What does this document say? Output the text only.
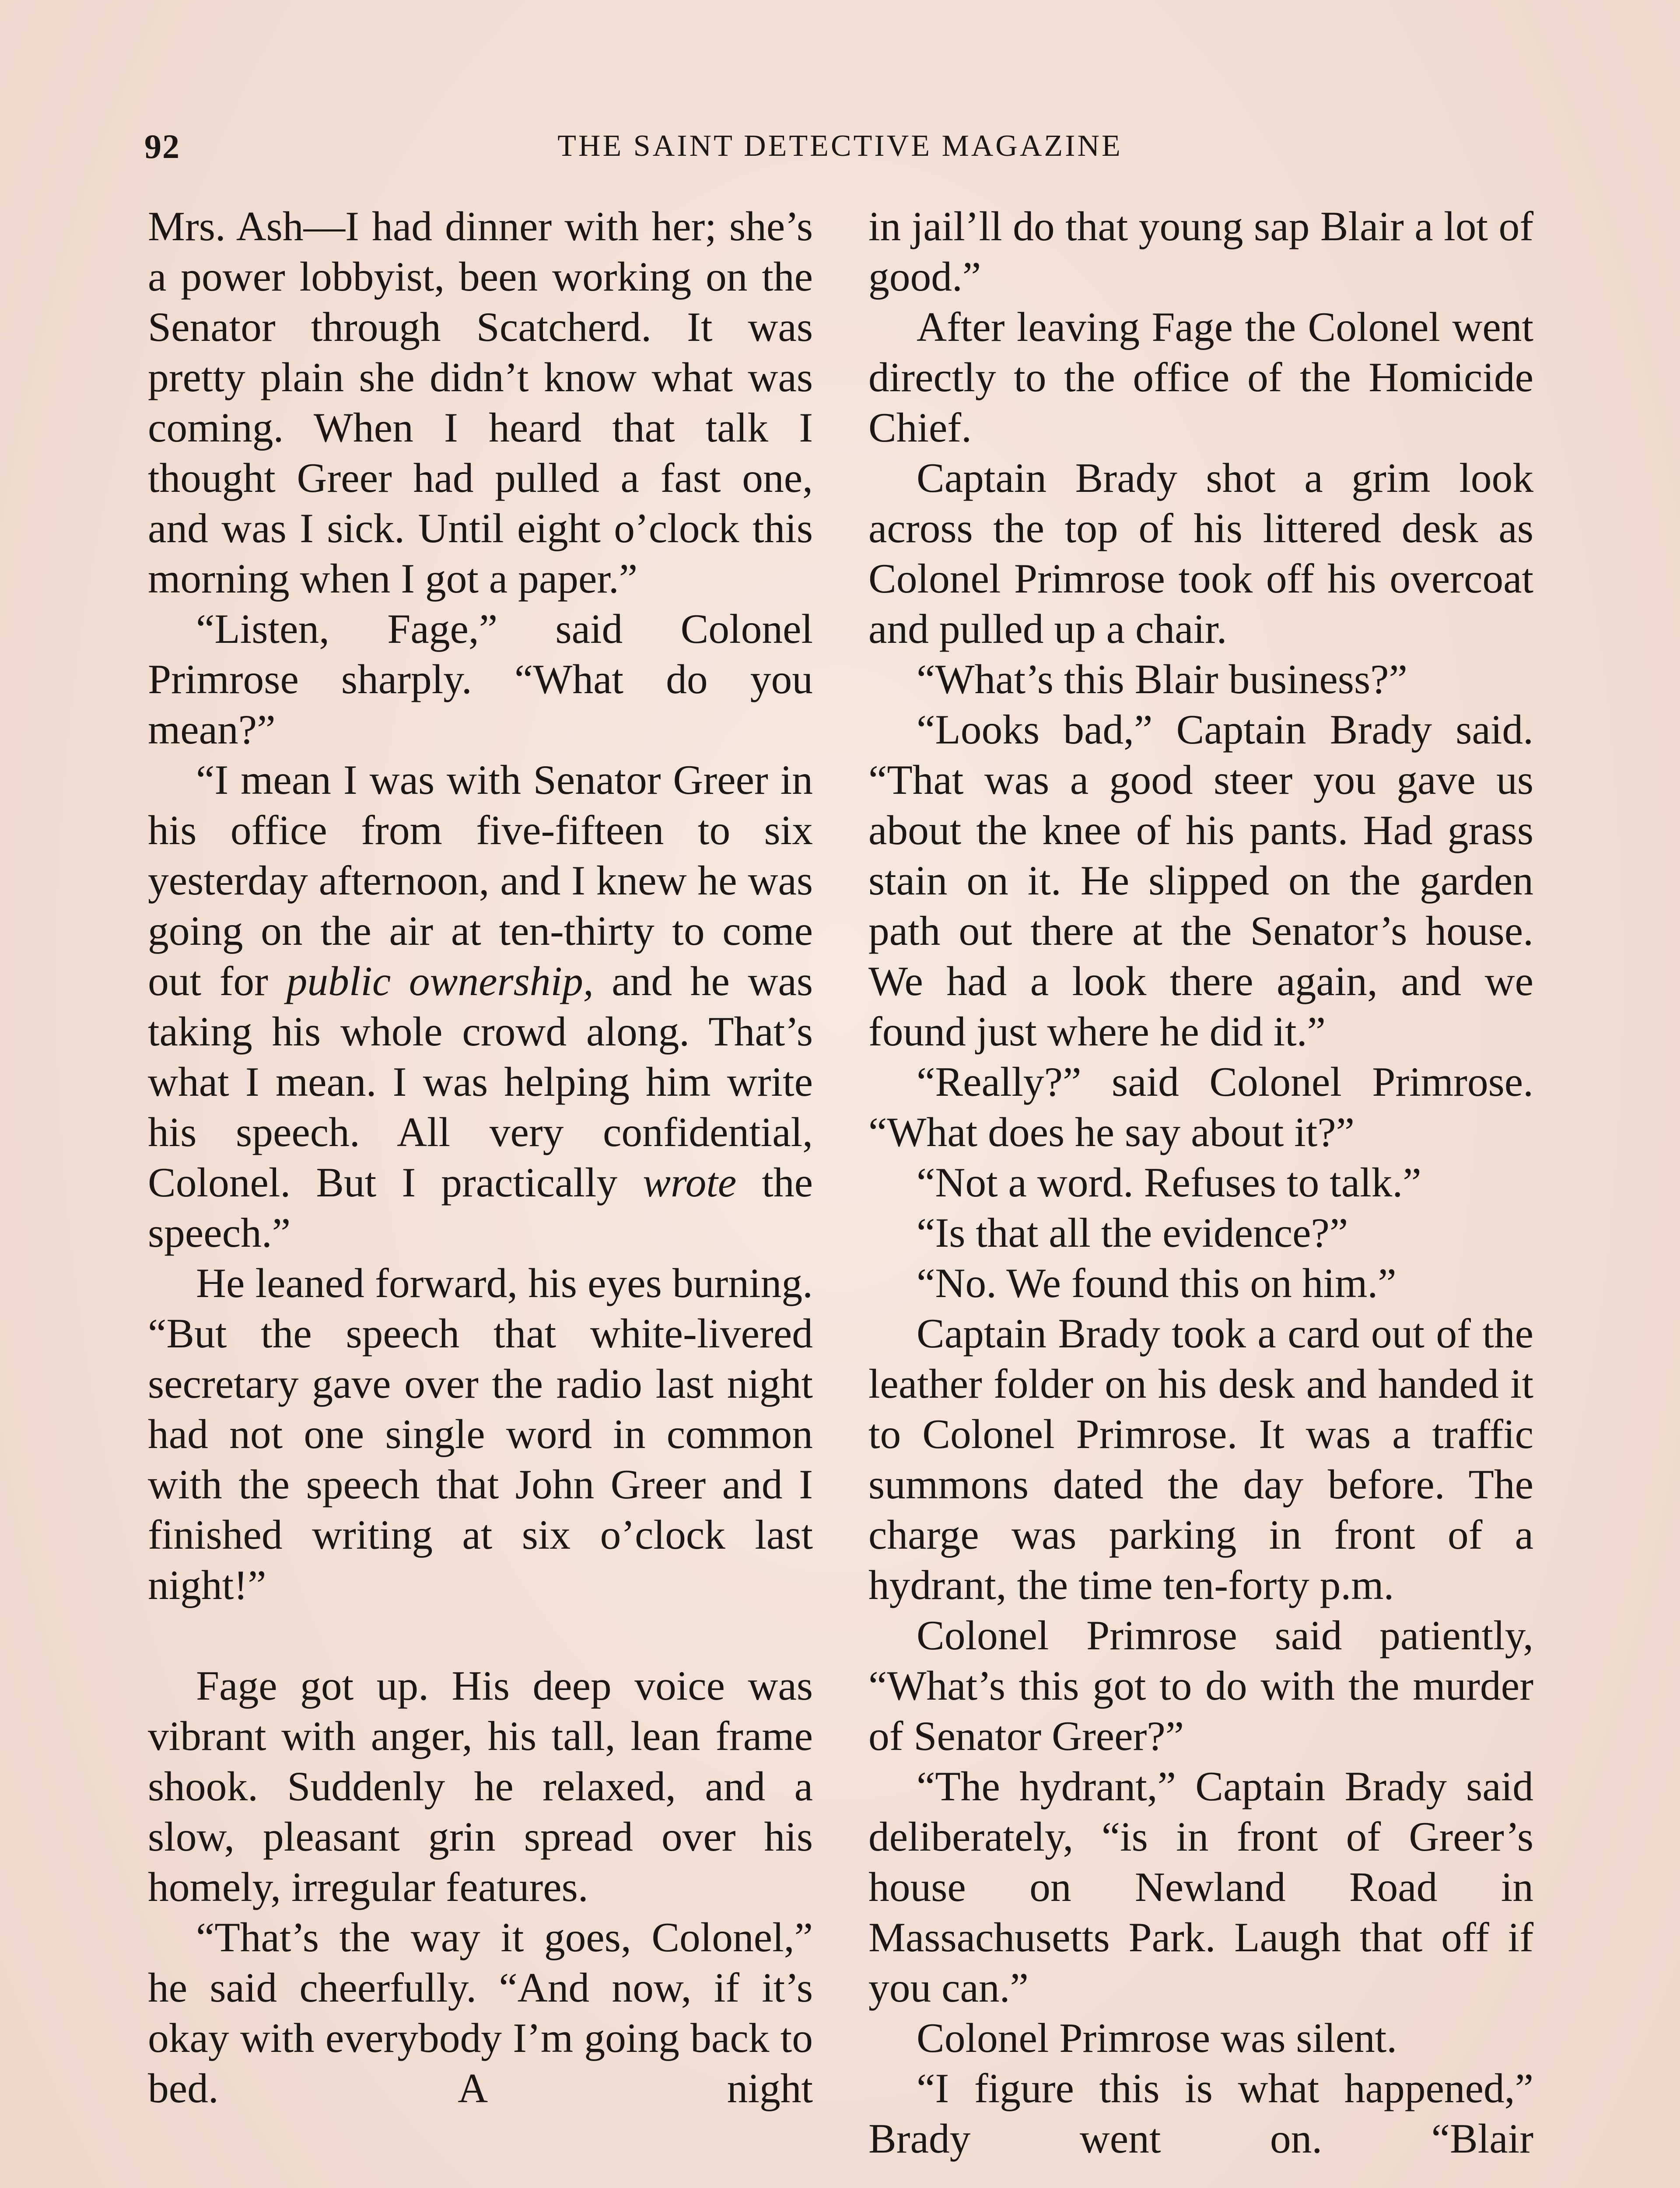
92	THE SAINT DETECTIVE MAGAZINE

Mrs. Ash—I had dinner with her; she’s a power lobbyist, been working on the Senator through Scatcherd. It was pretty plain she didn’t know what was coming. When I heard that talk I thought Greer had pulled a fast one, and was I sick. Until eight o’clock this morning when I got a paper.”

“Listen, Fage,” said Colonel Primrose sharply. “What do you mean?”

“I mean I was with Senator Greer in his office from five-fifteen to six yesterday afternoon, and I knew he was going on the air at ten-thirty to come out for public ownership, and he was taking his whole crowd along. That’s what I mean. I was helping him write his speech. All very confidential, Colonel. But I practically wrote the speech.”

He leaned forward, his eyes burning. “But the speech that white-livered secretary gave over the radio last night had not one single word in common with the speech that John Greer and I finished writing at six o’clock last night!”

Fage got up. His deep voice was vibrant with anger, his tall, lean frame shook. Suddenly he relaxed, and a slow, pleasant grin spread over his homely, irregular features.

“That’s the way it goes, Colonel,” he said cheerfully. “And now, if it’s okay with everybody I’m going back to bed. A night

in jail’ll do that young sap Blair a lot of good.”

After leaving Fage the Colonel went directly to the office of the Homicide Chief.

Captain Brady shot a grim look across the top of his littered desk as Colonel Primrose took off his overcoat and pulled up a chair.

“What’s this Blair business?”

“Looks bad,” Captain Brady said. “That was a good steer you gave us about the knee of his pants. Had grass stain on it. He slipped on the garden path out there at the Senator’s house. We had a look there again, and we found just where he did it.”

“Really?” said Colonel Primrose. “What does he say about it?”

“Not a word. Refuses to talk.”

“Is that all the evidence?”

“No. We found this on him.”

Captain Brady took a card out of the leather folder on his desk and handed it to Colonel Primrose. It was a traffic summons dated the day before. The charge was parking in front of a hydrant, the time ten-forty p.m.

Colonel Primrose said patiently, “What’s this got to do with the murder of Senator Greer?”

“The hydrant,” Captain Brady said deliberately, “is in front of Greer’s house on Newland Road in Massachusetts Park. Laugh that off if you can.”

Colonel Primrose was silent.

“I figure this is what happened,” Brady went on. “Blair
